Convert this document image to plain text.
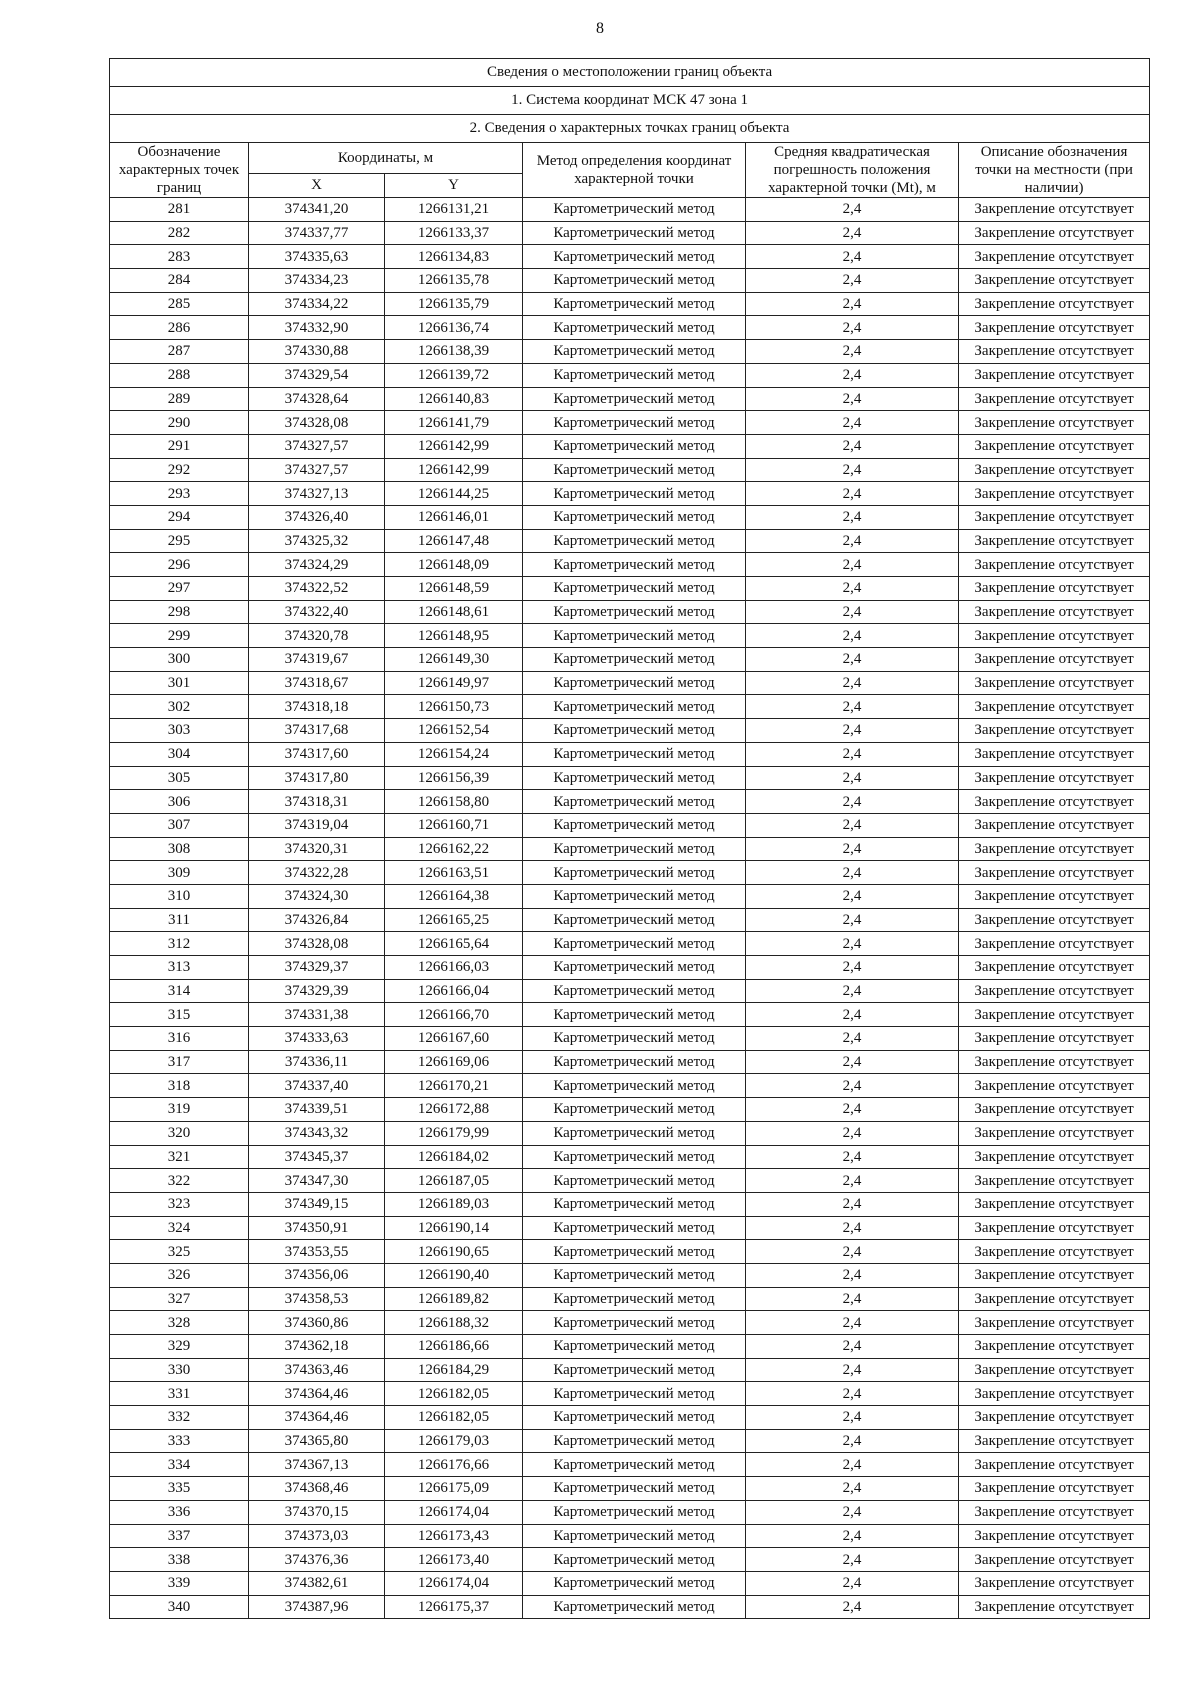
8
Сведения о местоположении границ объекта					
1. Система координат МСК 47 зона 1					
2. Сведения о характерных точках границ объекта					
Обозначение характерных точек границ	Координаты, м		Метод определения координат характерной точки	Средняя квадратическая погрешность положения характерной точки (Mt), м	Описание обозначения точки на местности (при наличии)
	X	Y			
281	374341,20	1266131,21	Картометрический метод	2,4	Закрепление отсутствует
282	374337,77	1266133,37	Картометрический метод	2,4	Закрепление отсутствует
283	374335,63	1266134,83	Картометрический метод	2,4	Закрепление отсутствует
284	374334,23	1266135,78	Картометрический метод	2,4	Закрепление отсутствует
285	374334,22	1266135,79	Картометрический метод	2,4	Закрепление отсутствует
286	374332,90	1266136,74	Картометрический метод	2,4	Закрепление отсутствует
287	374330,88	1266138,39	Картометрический метод	2,4	Закрепление отсутствует
288	374329,54	1266139,72	Картометрический метод	2,4	Закрепление отсутствует
289	374328,64	1266140,83	Картометрический метод	2,4	Закрепление отсутствует
290	374328,08	1266141,79	Картометрический метод	2,4	Закрепление отсутствует
291	374327,57	1266142,99	Картометрический метод	2,4	Закрепление отсутствует
292	374327,57	1266142,99	Картометрический метод	2,4	Закрепление отсутствует
293	374327,13	1266144,25	Картометрический метод	2,4	Закрепление отсутствует
294	374326,40	1266146,01	Картометрический метод	2,4	Закрепление отсутствует
295	374325,32	1266147,48	Картометрический метод	2,4	Закрепление отсутствует
296	374324,29	1266148,09	Картометрический метод	2,4	Закрепление отсутствует
297	374322,52	1266148,59	Картометрический метод	2,4	Закрепление отсутствует
298	374322,40	1266148,61	Картометрический метод	2,4	Закрепление отсутствует
299	374320,78	1266148,95	Картометрический метод	2,4	Закрепление отсутствует
300	374319,67	1266149,30	Картометрический метод	2,4	Закрепление отсутствует
301	374318,67	1266149,97	Картометрический метод	2,4	Закрепление отсутствует
302	374318,18	1266150,73	Картометрический метод	2,4	Закрепление отсутствует
303	374317,68	1266152,54	Картометрический метод	2,4	Закрепление отсутствует
304	374317,60	1266154,24	Картометрический метод	2,4	Закрепление отсутствует
305	374317,80	1266156,39	Картометрический метод	2,4	Закрепление отсутствует
306	374318,31	1266158,80	Картометрический метод	2,4	Закрепление отсутствует
307	374319,04	1266160,71	Картометрический метод	2,4	Закрепление отсутствует
308	374320,31	1266162,22	Картометрический метод	2,4	Закрепление отсутствует
309	374322,28	1266163,51	Картометрический метод	2,4	Закрепление отсутствует
310	374324,30	1266164,38	Картометрический метод	2,4	Закрепление отсутствует
311	374326,84	1266165,25	Картометрический метод	2,4	Закрепление отсутствует
312	374328,08	1266165,64	Картометрический метод	2,4	Закрепление отсутствует
313	374329,37	1266166,03	Картометрический метод	2,4	Закрепление отсутствует
314	374329,39	1266166,04	Картометрический метод	2,4	Закрепление отсутствует
315	374331,38	1266166,70	Картометрический метод	2,4	Закрепление отсутствует
316	374333,63	1266167,60	Картометрический метод	2,4	Закрепление отсутствует
317	374336,11	1266169,06	Картометрический метод	2,4	Закрепление отсутствует
318	374337,40	1266170,21	Картометрический метод	2,4	Закрепление отсутствует
319	374339,51	1266172,88	Картометрический метод	2,4	Закрепление отсутствует
320	374343,32	1266179,99	Картометрический метод	2,4	Закрепление отсутствует
321	374345,37	1266184,02	Картометрический метод	2,4	Закрепление отсутствует
322	374347,30	1266187,05	Картометрический метод	2,4	Закрепление отсутствует
323	374349,15	1266189,03	Картометрический метод	2,4	Закрепление отсутствует
324	374350,91	1266190,14	Картометрический метод	2,4	Закрепление отсутствует
325	374353,55	1266190,65	Картометрический метод	2,4	Закрепление отсутствует
326	374356,06	1266190,40	Картометрический метод	2,4	Закрепление отсутствует
327	374358,53	1266189,82	Картометрический метод	2,4	Закрепление отсутствует
328	374360,86	1266188,32	Картометрический метод	2,4	Закрепление отсутствует
329	374362,18	1266186,66	Картометрический метод	2,4	Закрепление отсутствует
330	374363,46	1266184,29	Картометрический метод	2,4	Закрепление отсутствует
331	374364,46	1266182,05	Картометрический метод	2,4	Закрепление отсутствует
332	374364,46	1266182,05	Картометрический метод	2,4	Закрепление отсутствует
333	374365,80	1266179,03	Картометрический метод	2,4	Закрепление отсутствует
334	374367,13	1266176,66	Картометрический метод	2,4	Закрепление отсутствует
335	374368,46	1266175,09	Картометрический метод	2,4	Закрепление отсутствует
336	374370,15	1266174,04	Картометрический метод	2,4	Закрепление отсутствует
337	374373,03	1266173,43	Картометрический метод	2,4	Закрепление отсутствует
338	374376,36	1266173,40	Картометрический метод	2,4	Закрепление отсутствует
339	374382,61	1266174,04	Картометрический метод	2,4	Закрепление отсутствует
340	374387,96	1266175,37	Картометрический метод	2,4	Закрепление отсутствует
